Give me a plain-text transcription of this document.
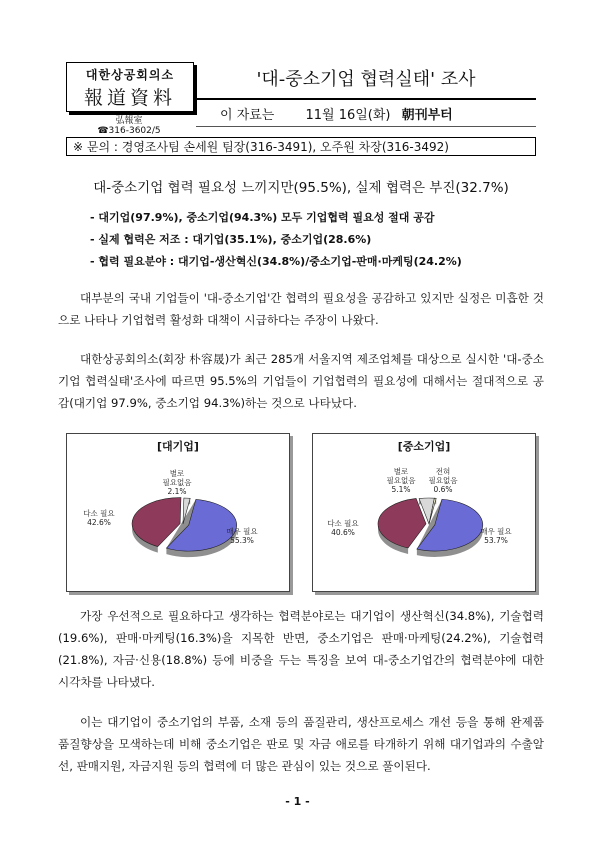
대한상공회의소
報道資料
弘報室
☎316-3602/5
'대-중소기업 협력실태' 조사
이 자료는 11월 16일(화) 朝刊부터
※ 문의 : 경영조사팀 손세원 팀장(316-3491), 오주원 차장(316-3492)
대-중소기업 협력 필요성 느끼지만(95.5%), 실제 협력은 부진(32.7%)
- 대기업(97.9%), 중소기업(94.3%) 모두 기업협력 필요성 절대 공감
- 실제 협력은 저조 : 대기업(35.1%), 중소기업(28.6%)
- 협력 필요분야 : 대기업-생산혁신(34.8%)/중소기업-판매·마케팅(24.2%)
대부분의 국내 기업들이 '대-중소기업'간 협력의 필요성을 공감하고 있지만 실정은 미흡한 것으로 나타나 기업협력 활성화 대책이 시급하다는 주장이 나왔다.
대한상공회의소(회장 朴容晟)가 최근 285개 서울지역 제조업체를 대상으로 실시한 '대-중소기업 협력실태'조사에 따르면 95.5%의 기업들이 기업협력의 필요성에 대해서는 절대적으로 공감(대기업 97.9%, 중소기업 94.3%)하는 것으로 나타났다.
[대기업]
매우 필요
55.3%
다소 필요
42.6%
별로
필요없음
2.1%
[중소기업]
매우 필요
53.7%
다소 필요
40.6%
별로
필요없음
5.1%
전혀
필요없음
0.6%
가장 우선적으로 필요하다고 생각하는 협력분야로는 대기업이 생산혁신(34.8%), 기술협력(19.6%), 판매·마케팅(16.3%)을 지목한 반면, 중소기업은 판매·마케팅(24.2%), 기술협력(21.8%), 자금·신용(18.8%) 등에 비중을 두는 특징을 보여 대-중소기업간의 협력분야에 대한 시각차를 나타냈다.
이는 대기업이 중소기업의 부품, 소재 등의 품질관리, 생산프로세스 개선 등을 통해 완제품 품질향상을 모색하는데 비해 중소기업은 판로 및 자금 애로를 타개하기 위해 대기업과의 수출알선, 판매지원, 자금지원 등의 협력에 더 많은 관심이 있는 것으로 풀이된다.
- 1 -
